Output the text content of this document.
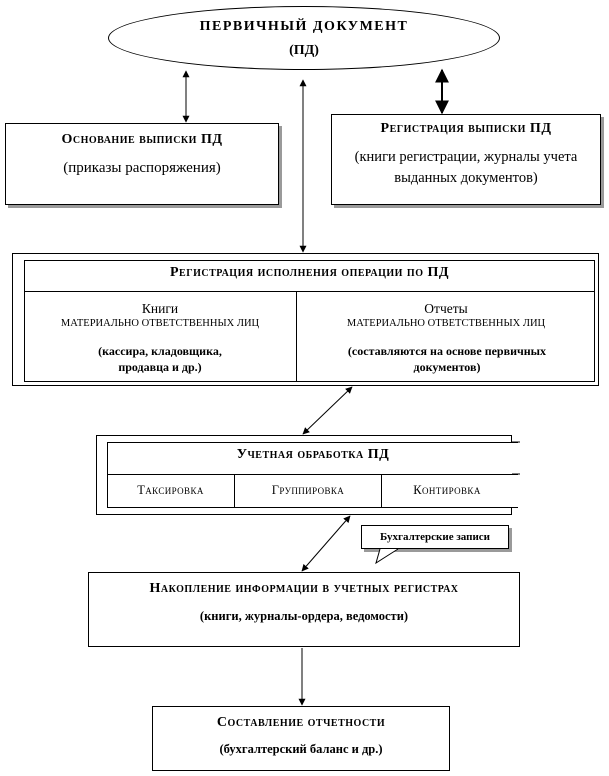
ПЕРВИЧНЫЙ ДОКУМЕНТ
(ПД)
Основание выписки ПД
(приказы распоряжения)
Регистрация выписки ПД
(книги регистрации, журналы учета выданных документов)
Регистрация исполнения операции по ПД
Книги
МАТЕРИАЛЬНО ОТВЕТСТВЕННЫХ ЛИЦ
(кассира, кладовщика, продавца и др.)
Отчеты
МАТЕРИАЛЬНО ОТВЕТСТВЕННЫХ ЛИЦ
(составляются на основе первичных документов)
Учетная обработка ПД
Таксировка	Группировка	Контировка
Бухгалтерские записи
Накопление информации в учетных регистрах
(книги, журналы-ордера, ведомости)
Составление отчетности
(бухгалтерский баланс и др.)
